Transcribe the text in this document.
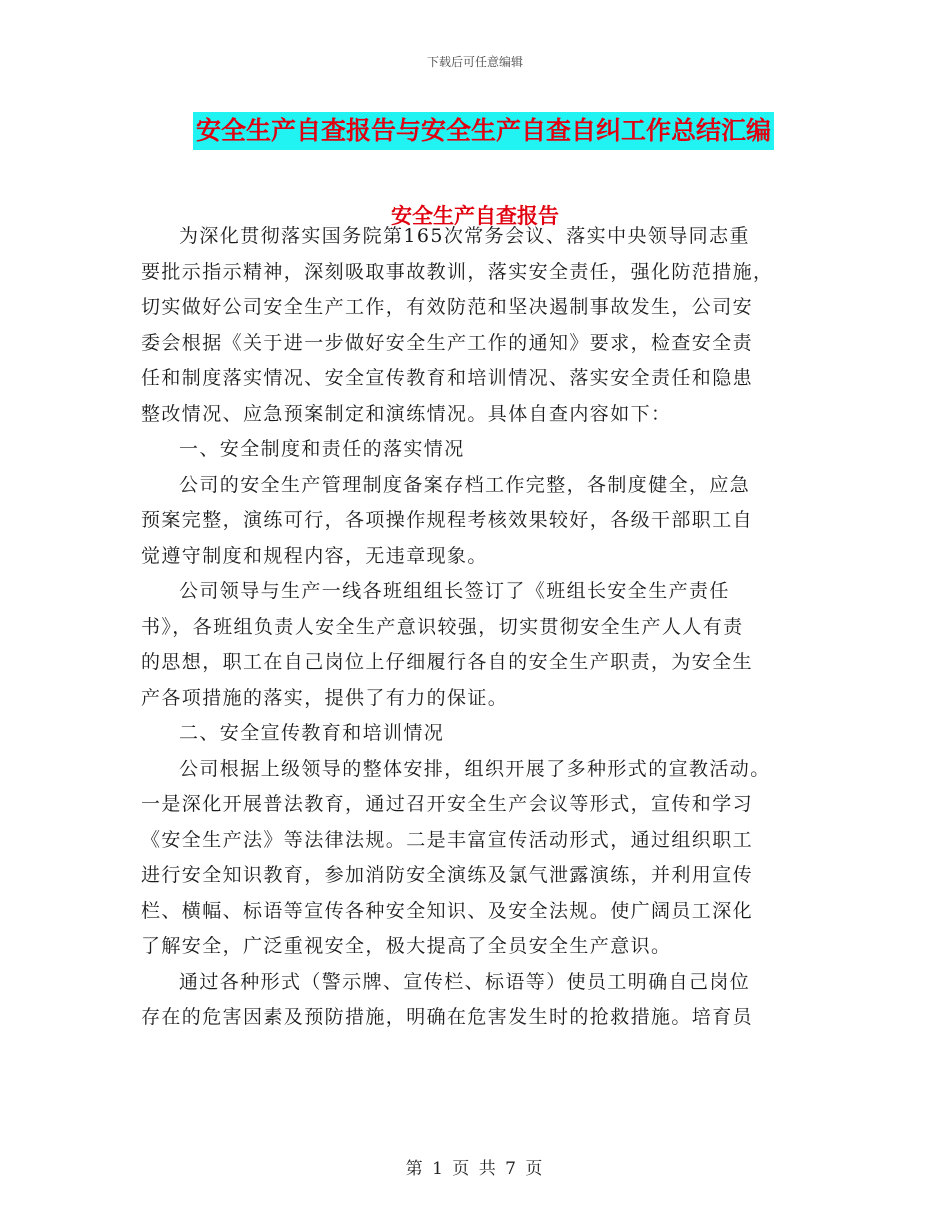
下载后可任意编辑
安全生产自查报告与安全生产自查自纠工作总结汇编
安全生产自查报告

为深化贯彻落实国务院第165次常务会议、落实中央领导同志重
要批示指示精神，深刻吸取事故教训，落实安全责任，强化防范措施，
切实做好公司安全生产工作，有效防范和坚决遏制事故发生，公司安
委会根据《关于进一步做好安全生产工作的通知》要求，检查安全责
任和制度落实情况、安全宣传教育和培训情况、落实安全责任和隐患
整改情况、应急预案制定和演练情况。具体自查内容如下：

一、安全制度和责任的落实情况

公司的安全生产管理制度备案存档工作完整，各制度健全，应急
预案完整，演练可行，各项操作规程考核效果较好，各级干部职工自
觉遵守制度和规程内容，无违章现象。

公司领导与生产一线各班组组长签订了《班组长安全生产责任
书》，各班组负责人安全生产意识较强，切实贯彻安全生产人人有责
的思想，职工在自己岗位上仔细履行各自的安全生产职责，为安全生
产各项措施的落实，提供了有力的保证。

二、安全宣传教育和培训情况

公司根据上级领导的整体安排，组织开展了多种形式的宣教活动。
一是深化开展普法教育，通过召开安全生产会议等形式，宣传和学习
《安全生产法》等法律法规。二是丰富宣传活动形式，通过组织职工
进行安全知识教育，参加消防安全演练及氯气泄露演练，并利用宣传
栏、横幅、标语等宣传各种安全知识、及安全法规。使广阔员工深化
了解安全，广泛重视安全，极大提高了全员安全生产意识。

通过各种形式（警示牌、宣传栏、标语等）使员工明确自己岗位
存在的危害因素及预防措施，明确在危害发生时的抢救措施。培育员

第 1 页 共 7 页
